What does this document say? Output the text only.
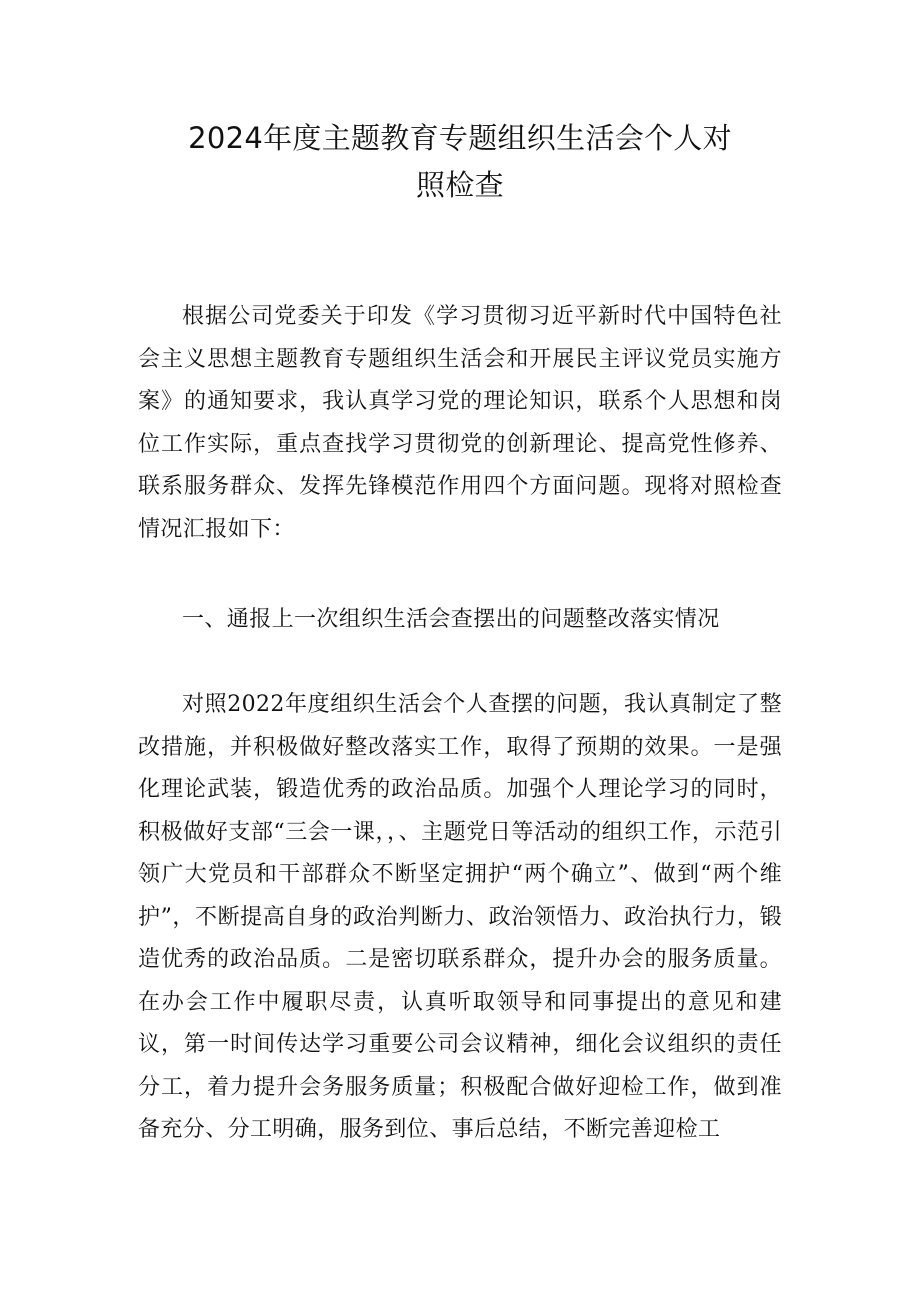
2024年度主题教育专题组织生活会个人对
照检查

根据公司党委关于印发《学习贯彻习近平新时代中国特色社会主义思想主题教育专题组织生活会和开展民主评议党员实施方案》的通知要求，我认真学习党的理论知识，联系个人思想和岗位工作实际，重点查找学习贯彻党的创新理论、提高党性修养、联系服务群众、发挥先锋模范作用四个方面问题。现将对照检查情况汇报如下：

一、通报上一次组织生活会查摆出的问题整改落实情况

对照2022年度组织生活会个人查摆的问题，我认真制定了整改措施，并积极做好整改落实工作，取得了预期的效果。一是强化理论武装，锻造优秀的政治品质。加强个人理论学习的同时，积极做好支部“三会一课，，、主题党日等活动的组织工作，示范引领广大党员和干部群众不断坚定拥护“两个确立”、做到“两个维护”，不断提高自身的政治判断力、政治领悟力、政治执行力，锻造优秀的政治品质。二是密切联系群众，提升办会的服务质量。在办会工作中履职尽责，认真听取领导和同事提出的意见和建议，第一时间传达学习重要公司会议精神，细化会议组织的责任分工，着力提升会务服务质量；积极配合做好迎检工作，做到准备充分、分工明确，服务到位、事后总结，不断完善迎检工
